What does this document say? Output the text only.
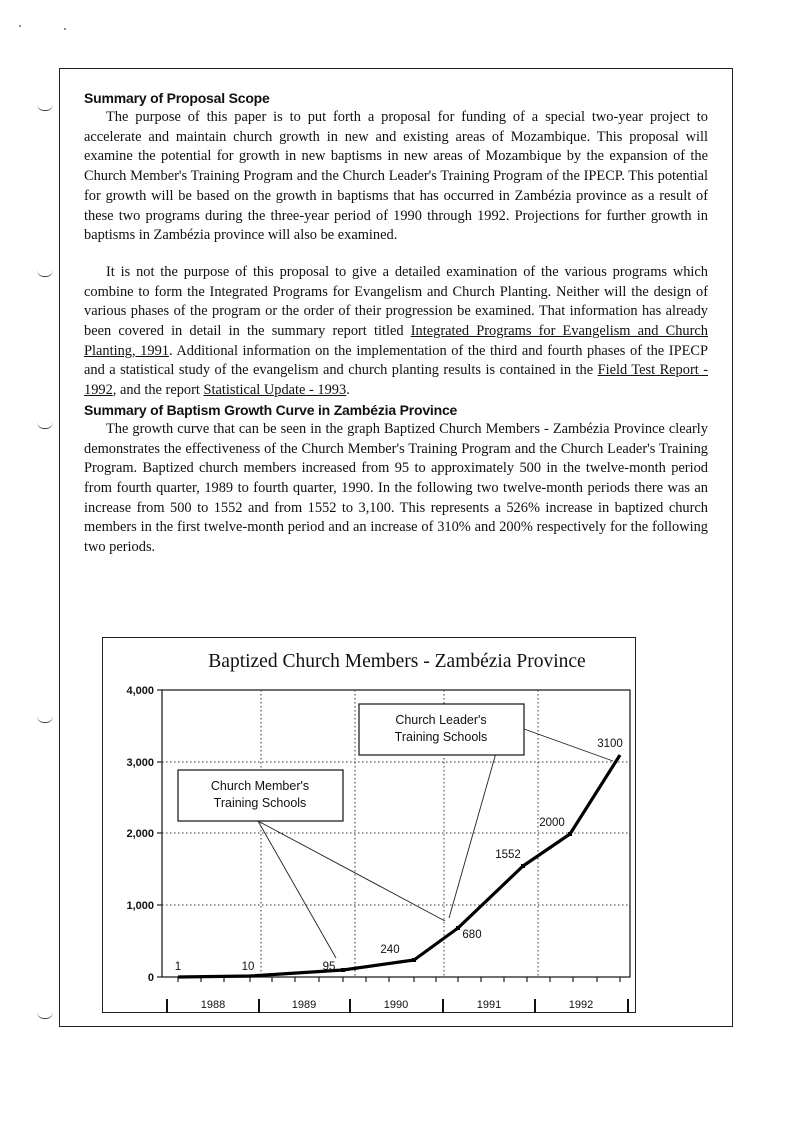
Summary of Proposal Scope

The purpose of this paper is to put forth a proposal for funding of a special two-year project to accelerate and maintain church growth in new and existing areas of Mozambique. This proposal will examine the potential for growth in new baptisms in new areas of Mozambique by the expansion of the Church Member's Training Program and the Church Leader's Training Program of the IPECP. This potential for growth will be based on the growth in baptisms that has occurred in Zambézia province as a result of these two programs during the three-year period of 1990 through 1992. Projections for further growth in baptisms in Zambézia province will also be examined.

It is not the purpose of this proposal to give a detailed examination of the various programs which combine to form the Integrated Programs for Evangelism and Church Planting. Neither will the design of various phases of the program or the order of their progression be examined. That information has already been covered in detail in the summary report titled Integrated Programs for Evangelism and Church Planting, 1991. Additional information on the implementation of the third and fourth phases of the IPECP and a statistical study of the evangelism and church planting results is contained in the Field Test Report - 1992, and the report Statistical Update - 1993.

Summary of Baptism Growth Curve in Zambézia Province

The growth curve that can be seen in the graph Baptized Church Members - Zambézia Province clearly demonstrates the effectiveness of the Church Member's Training Program and the Church Leader's Training Program. Baptized church members increased from 95 to approximately 500 in the twelve-month period from fourth quarter, 1989 to fourth quarter, 1990. In the following two twelve-month periods there was an increase from 500 to 1552 and from 1552 to 3,100. This represents a 526% increase in baptized church members in the first twelve-month period and an increase of 310% and 200% respectively for the following two periods.

Baptized Church Members - Zambézia Province
4,000
3,000
2,000
1,000
0
1988	1989	1990	1991	1992
Church Member's
Training Schools
Church Leader's
Training Schools
1	10	95
240
680
1552
2000
3100
